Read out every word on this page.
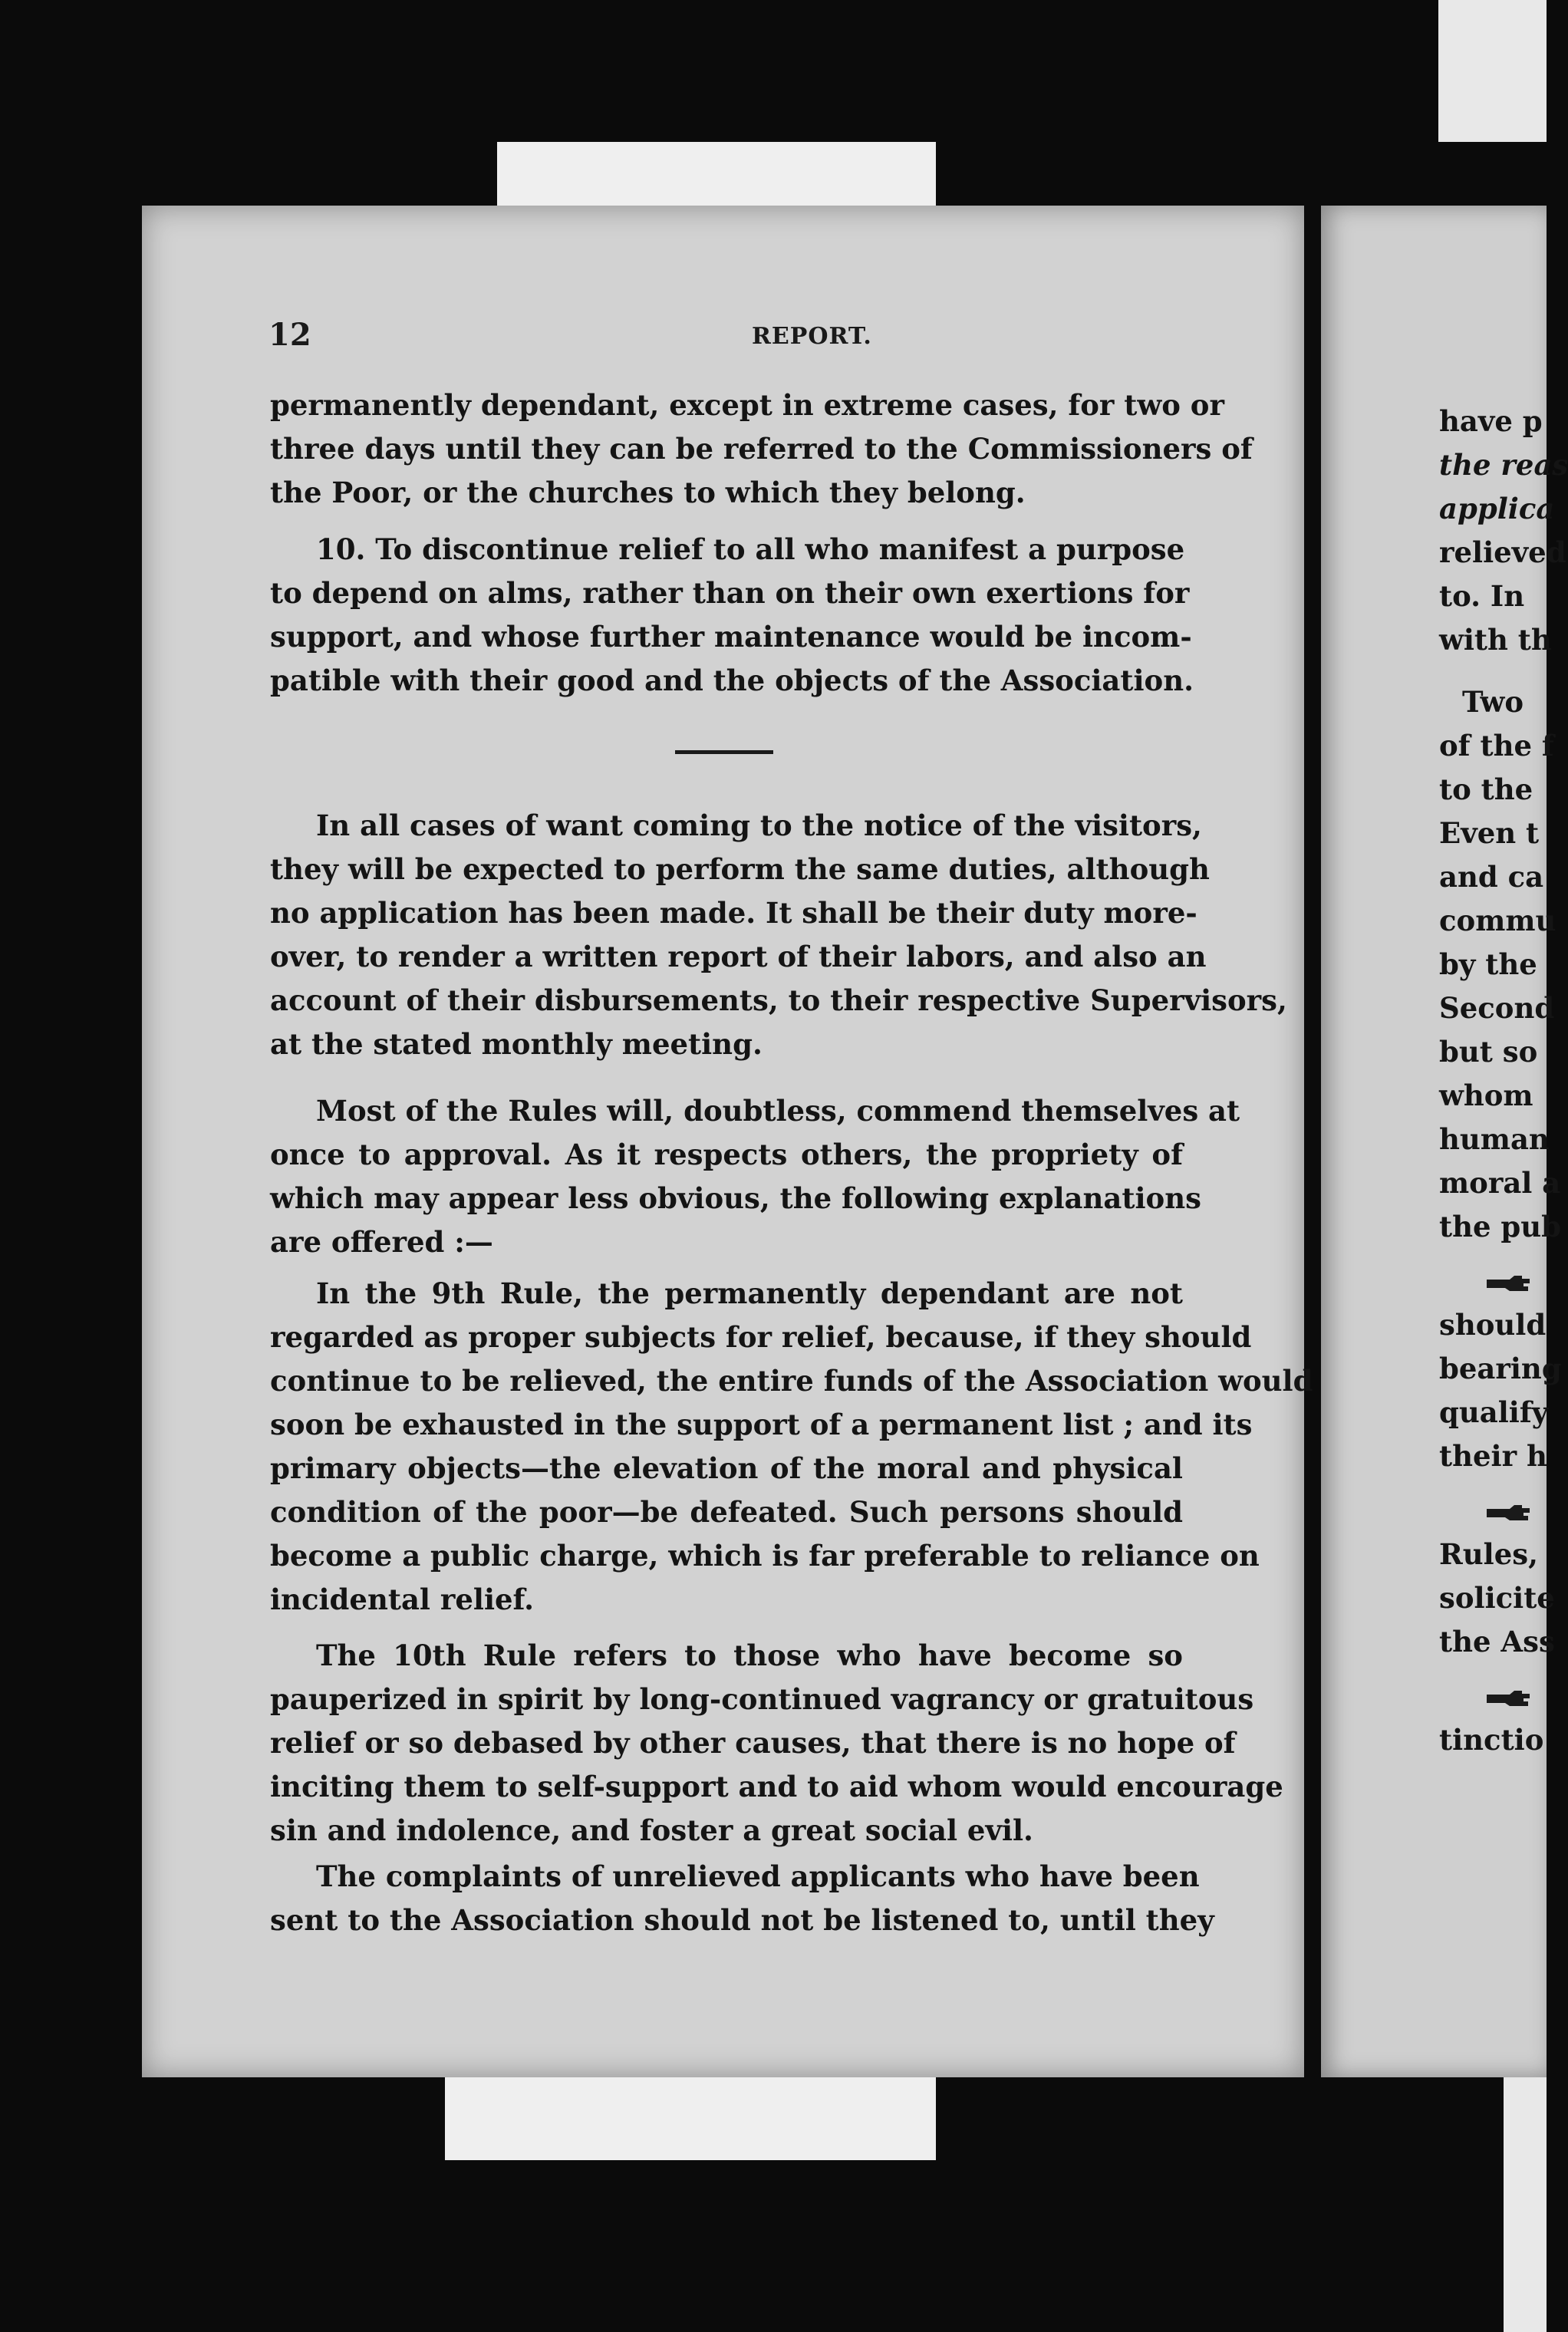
12	REPORT.

permanently dependant, except in extreme cases, for two or

three days until they can be referred to the Commissioners of

the Poor, or the churches to which they belong.

10. To discontinue relief to all who manifest a purpose

to depend on alms, rather than on their own exertions for

support, and whose further maintenance would be incom-

patible with their good and the objects of the Association.

In all cases of want coming to the notice of the visitors,

they will be expected to perform the same duties, although

no application has been made. It shall be their duty more-

over, to render a written report of their labors, and also an

account of their disbursements, to their respective Supervisors,

at the stated monthly meeting.

Most of the Rules will, doubtless, commend themselves at

once to approval. As it respects others, the propriety of

which may appear less obvious, the following explanations

are offered :—

In the 9th Rule, the permanently dependant are not

regarded as proper subjects for relief, because, if they should

continue to be relieved, the entire funds of the Association would

soon be exhausted in the support of a permanent list ; and its

primary objects—the elevation of the moral and physical

condition of the poor—be defeated. Such persons should

become a public charge, which is far preferable to reliance on

incidental relief.

The 10th Rule refers to those who have become so

pauperized in spirit by long-continued vagrancy or gratuitous

relief or so debased by other causes, that there is no hope of

inciting them to self-support and to aid whom would encourage

sin and indolence, and foster a great social evil.

The complaints of unrelieved applicants who have been

sent to the Association should not be listened to, until they

have p

the reas

applica

relieved

to. In

with th

Two

of the f

to the

Even t

and ca

commu

by the

Second

but so

whom

human

moral a

the pub

should

bearing

qualify

their h

Rules,

solicite

the Ass

tinctio
